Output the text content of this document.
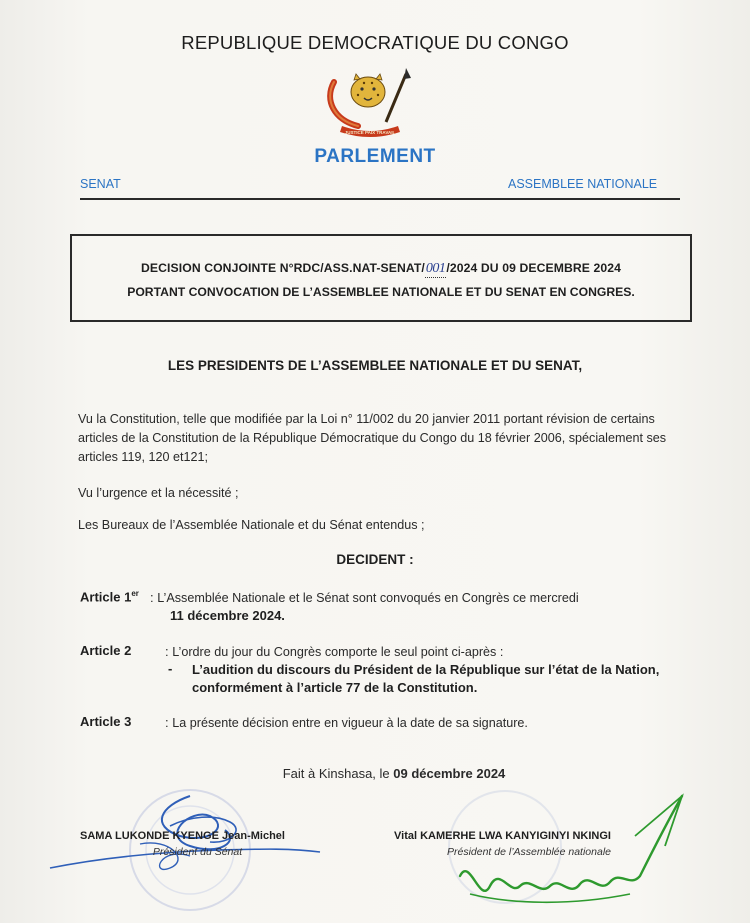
REPUBLIQUE DEMOCRATIQUE DU CONGO
JUSTICE PAIX TRAVAIL
PARLEMENT
SENAT	ASSEMBLEE NATIONALE
DECISION CONJOINTE N°RDC/ASS.NAT-SENAT/001/2024 DU 09 DECEMBRE 2024
PORTANT CONVOCATION DE L’ASSEMBLEE NATIONALE ET DU SENAT EN CONGRES.
LES PRESIDENTS DE L’ASSEMBLEE NATIONALE ET DU SENAT,
Vu la Constitution, telle que modifiée par la Loi n° 11/002 du 20 janvier 2011 portant révision de certains articles de la Constitution de la République Démocratique du Congo du 18 février 2006, spécialement ses articles 119, 120 et121;
Vu l’urgence et la nécessité ;
Les Bureaux de l’Assemblée Nationale et du Sénat entendus ;
DECIDENT :
Article 1er : L’Assemblée Nationale et le Sénat sont convoqués en Congrès ce mercredi
11 décembre 2024.
Article 2	: L’ordre du jour du Congrès comporte le seul point ci-après :
- L’audition du discours du Président de la République sur l’état de la Nation, conformément à l’article 77 de la Constitution.
Article 3	: La présente décision entre en vigueur à la date de sa signature.
Fait à Kinshasa, le 09 décembre 2024
SAMA LUKONDE KYENGE Jean-Michel
Président du Sénat
Vital KAMERHE LWA KANYIGINYI NKINGI
Président de l’Assemblée nationale
